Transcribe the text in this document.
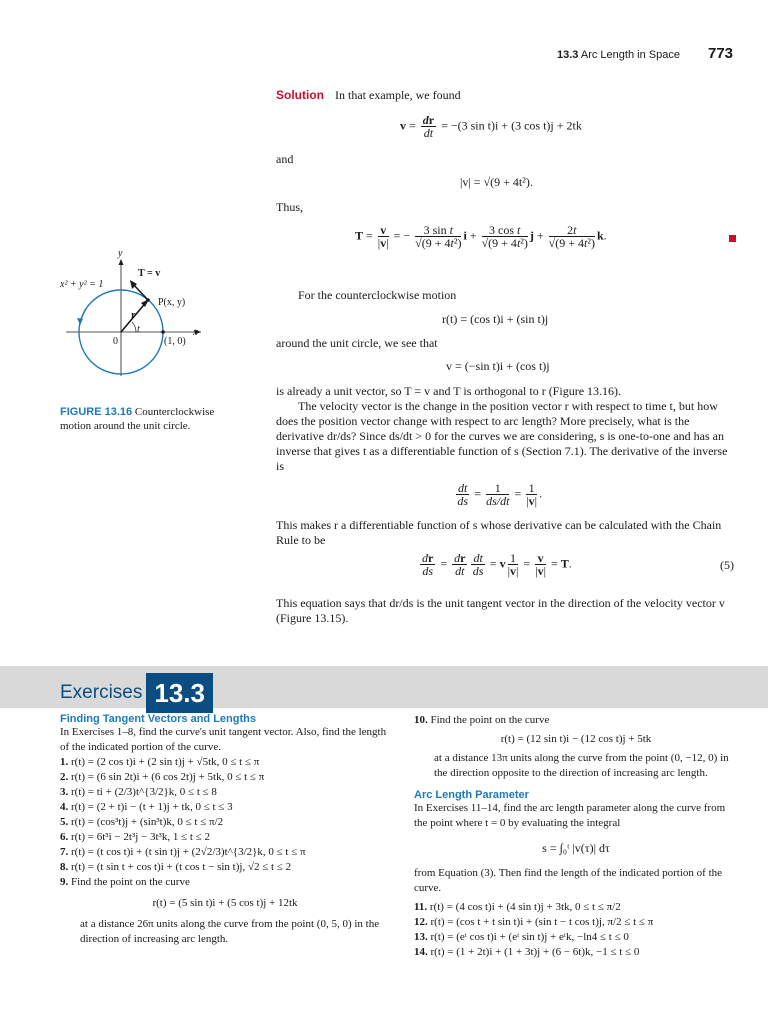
13.3 Arc Length in Space 773
Solution In that example, we found
$v = \frac{dr}{dt} = -(3$ sin t)i + (3 cos t)j + 2tk
and
|v| = √(9 + 4t²).
Thus,
$T = \frac{v}{|v|}$ = − $\frac{\text{3 sin t}}{\text{√(9 + 4t²)}}$ $i + \frac{\text{3 cos t}}{\text{√(9 + 4t²)}}$ $j + \frac{2t}{\text{√(9 + 4t²)}} k$.
x² + y² = 1
T = v
P(x, y)
r
t
0	(1, 0)
x
y
FIGURE 13.16 Counterclockwise motion around the unit circle.
For the counterclockwise motion
r(t) = (cos t)i + (sin t)j
around the unit circle, we see that
v = (−sin t)i + (cos t)j
is already a unit vector, so T = v and T is orthogonal to r (Figure 13.16).
The velocity vector is the change in the position vector r with respect to time t, but how does the position vector change with respect to arc length? More precisely, what is the derivative dr/ds? Since ds/dt > 0 for the curves we are considering, s is one-to-one and has an inverse that gives t as a differentiable function of s (Section 7.1). The derivative of the inverse is
$\frac{dt}{ds} = \frac{1}{ds/dt} = \frac{1}{|v|}$ .
This makes r a differentiable function of s whose derivative can be calculated with the Chain Rule to be
$\frac{dr}{ds} = \frac{dr}{dt} \frac{dt}{ds} = v \frac{1}{|v|} = \frac{v}{|v|} = T$.	(5)
This equation says that dr/ds is the unit tangent vector in the direction of the velocity vector v (Figure 13.15).
Exercises 13.3
Finding Tangent Vectors and Lengths
In Exercises 1–8, find the curve's unit tangent vector. Also, find the length of the indicated portion of the curve.
1. r(t) = (2 cos t)i + (2 sin t)j + √5tk, 0 ≤ t ≤ π
2. r(t) = (6 sin 2t)i + (6 cos 2t)j + 5tk, 0 ≤ t ≤ π
3. r(t) = ti + (2/3)t^{3/2}k, 0 ≤ t ≤ 8
4. r(t) = (2 + t)i − (t + 1)j + tk, 0 ≤ t ≤ 3
5. r(t) = (cos³t)j + (sin³t)k, 0 ≤ t ≤ π/2
6. r(t) = 6t³i − 2t³j − 3t³k, 1 ≤ t ≤ 2
7. r(t) = (t cos t)i + (t sin t)j + (2√2/3)t^{3/2}k, 0 ≤ t ≤ π
8. r(t) = (t sin t + cos t)i + (t cos t − sin t)j, √2 ≤ t ≤ 2
9. Find the point on the curve
r(t) = (5 sin t)i + (5 cos t)j + 12tk
at a distance 26π units along the curve from the point (0, 5, 0) in the direction of increasing arc length.
10. Find the point on the curve
r(t) = (12 sin t)i − (12 cos t)j + 5tk
at a distance 13π units along the curve from the point (0, −12, 0) in the direction opposite to the direction of increasing arc length.
Arc Length Parameter
In Exercises 11–14, find the arc length parameter along the curve from the point where t = 0 by evaluating the integral
s = ∫₀ᵗ |v(τ)| dτ
from Equation (3). Then find the length of the indicated portion of the curve.
11. r(t) = (4 cos t)i + (4 sin t)j + 3tk, 0 ≤ t ≤ π/2
12. r(t) = (cos t + t sin t)i + (sin t − t cos t)j, π/2 ≤ t ≤ π
13. r(t) = (eᵗ cos t)i + (eᵗ sin t)j + eᵗk, −ln4 ≤ t ≤ 0
14. r(t) = (1 + 2t)i + (1 + 3t)j + (6 − 6t)k, −1 ≤ t ≤ 0
